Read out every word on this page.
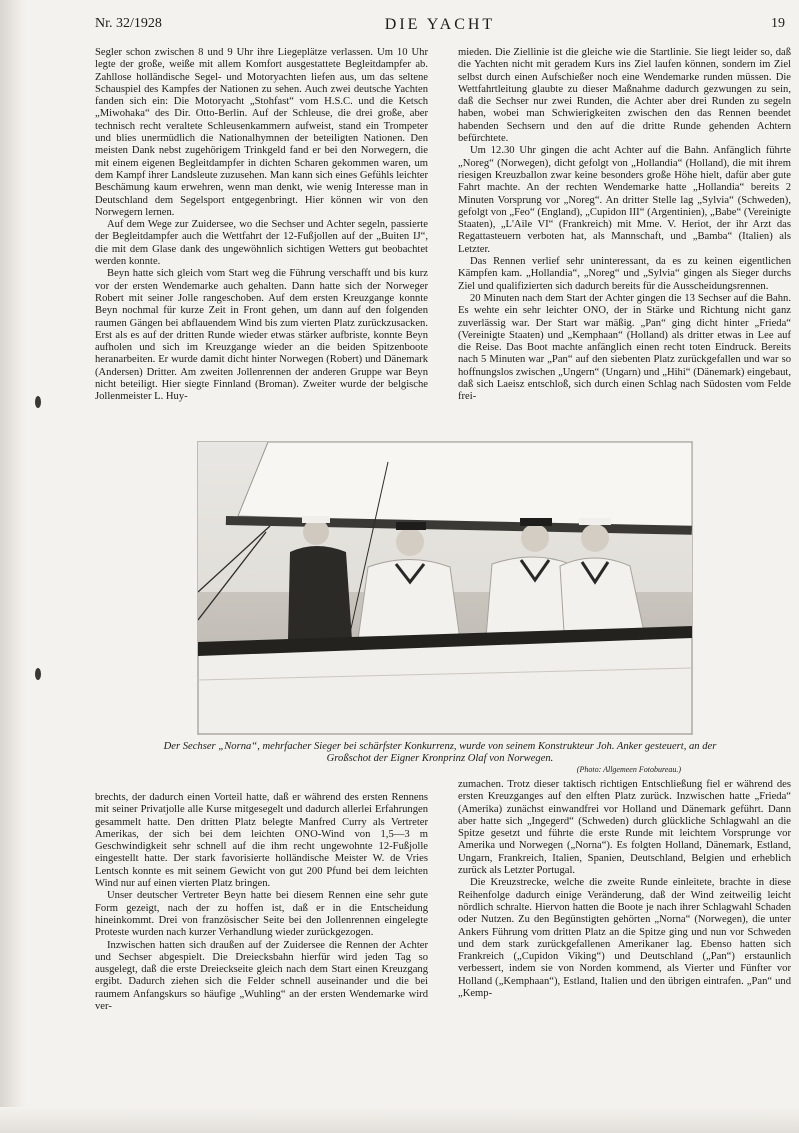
DIE YACHT
Nr. 32/1928	19

Segler schon zwischen 8 und 9 Uhr ihre Liegeplätze verlassen. Um 10 Uhr legte der große, weiße mit allem Komfort ausgestattete Begleitdampfer ab. Zahllose holländische Segel- und Motoryachten liefen aus, um das seltene Schauspiel des Kampfes der Nationen zu sehen. Auch zwei deutsche Yachten fanden sich ein: Die Motoryacht „Stohfast“ vom H.S.C. und die Ketsch „Miwohaka“ des Dir. Otto-Berlin. Auf der Schleuse, die drei große, aber technisch recht veraltete Schleusenkammern aufweist, stand ein Trompeter und blies unermüdlich die Nationalhymnen der beteiligten Nationen. Den meisten Dank nebst zugehörigem Trinkgeld fand er bei den Norwegern, die mit einem eigenen Begleitdampfer in dichten Scharen gekommen waren, um dem Kampf ihrer Landsleute zuzusehen. Man kann sich eines Gefühls leichter Beschämung kaum erwehren, wenn man denkt, wie wenig Interesse man in Deutschland dem Segelsport entgegenbringt. Hier können wir von den Norwegern lernen.

Auf dem Wege zur Zuidersee, wo die Sechser und Achter segeln, passierte der Begleitdampfer auch die Wettfahrt der 12-Fußjollen auf der „Buiten IJ“, die mit dem Glase dank des ungewöhnlich sichtigen Wetters gut beobachtet werden konnte.

Beyn hatte sich gleich vom Start weg die Führung verschafft und bis kurz vor der ersten Wendemarke auch gehalten. Dann hatte sich der Norweger Robert mit seiner Jolle rangeschoben. Auf dem ersten Kreuzgange konnte Beyn nochmal für kurze Zeit in Front gehen, um dann auf den folgenden raumen Gängen bei abflauendem Wind bis zum vierten Platz zurückzusacken. Erst als es auf der dritten Runde wieder etwas stärker aufbriste, konnte Beyn aufholen und sich im Kreuzgange wieder an die beiden Spitzenboote heranarbeiten. Er wurde damit dicht hinter Norwegen (Robert) und Dänemark (Andersen) Dritter. Am zweiten Jollenrennen der anderen Gruppe war Beyn nicht beteiligt. Hier siegte Finnland (Broman). Zweiter wurde der belgische Jollenmeister L. Huy-

mieden. Die Ziellinie ist die gleiche wie die Startlinie. Sie liegt leider so, daß die Yachten nicht mit geradem Kurs ins Ziel laufen können, sondern im Ziel selbst durch einen Aufschießer noch eine Wendemarke runden müssen. Die Wettfahrtleitung glaubte zu dieser Maßnahme dadurch gezwungen zu sein, daß die Sechser nur zwei Runden, die Achter aber drei Runden zu segeln haben, wobei man Schwierigkeiten zwischen den das Rennen beendet habenden Sechsern und den auf die dritte Runde gehenden Achtern befürchtete.

Um 12.30 Uhr gingen die acht Achter auf die Bahn. Anfänglich führte „Noreg“ (Norwegen), dicht gefolgt von „Hollandia“ (Holland), die mit ihrem riesigen Kreuzballon zwar keine besonders große Höhe hielt, dafür aber gute Fahrt machte. An der rechten Wendemarke hatte „Hollandia“ bereits 2 Minuten Vorsprung vor „Noreg“. An dritter Stelle lag „Sylvia“ (Schweden), gefolgt von „Feo“ (England), „Cupidon III“ (Argentinien), „Babe“ (Vereinigte Staaten), „L'Aile VI“ (Frankreich) mit Mme. V. Heriot, der ihr Arzt das Regattasteuern verboten hat, als Mannschaft, und „Bamba“ (Italien) als Letzter.

Das Rennen verlief sehr uninteressant, da es zu keinen eigentlichen Kämpfen kam. „Hollandia“, „Noreg“ und „Sylvia“ gingen als Sieger durchs Ziel und qualifizierten sich dadurch bereits für die Ausscheidungsrennen.

20 Minuten nach dem Start der Achter gingen die 13 Sechser auf die Bahn. Es wehte ein sehr leichter ONO, der in Stärke und Richtung nicht ganz zuverlässig war. Der Start war mäßig. „Pan“ ging dicht hinter „Frieda“ (Vereinigte Staaten) und „Kemphaan“ (Holland) als dritter etwas in Lee auf die Reise. Das Boot machte anfänglich einen recht toten Eindruck. Bereits nach 5 Minuten war „Pan“ auf den siebenten Platz zurückgefallen und war so hoffnungslos zwischen „Ungern“ (Ungarn) und „Hihi“ (Dänemark) eingebaut, daß sich Laeisz entschloß, sich durch einen Schlag nach Südosten vom Felde frei-

Der Sechser „Norna“, mehrfacher Sieger bei schärfster Konkurrenz, wurde von seinem Konstrukteur Joh. Anker gesteuert, an der Großschot der Eigner Kronprinz Olaf von Norwegen.
(Photo: Allgemeen Fotobureau.)

brechts, der dadurch einen Vorteil hatte, daß er während des ersten Rennens mit seiner Privatjolle alle Kurse mitgesegelt und dadurch allerlei Erfahrungen gesammelt hatte. Den dritten Platz belegte Manfred Curry als Vertreter Amerikas, der sich bei dem leichten ONO-Wind von 1,5—3 m Geschwindigkeit sehr schnell auf die ihm recht ungewohnte 12-Fußjolle eingestellt hatte. Der stark favorisierte holländische Meister W. de Vries Lentsch konnte es mit seinem Gewicht von gut 200 Pfund bei dem leichten Wind nur auf einen vierten Platz bringen.

Unser deutscher Vertreter Beyn hatte bei diesem Rennen eine sehr gute Form gezeigt, nach der zu hoffen ist, daß er in die Entscheidung hineinkommt. Drei von französischer Seite bei den Jollenrennen eingelegte Proteste wurden nach kurzer Verhandlung wieder zurückgezogen.

Inzwischen hatten sich draußen auf der Zuidersee die Rennen der Achter und Sechser abgespielt. Die Dreiecksbahn hierfür wird jeden Tag so ausgelegt, daß die erste Dreieckseite gleich nach dem Start einen Kreuzgang ergibt. Dadurch ziehen sich die Felder schnell auseinander und die bei raumem Anfangskurs so häufige „Wuhling“ an der ersten Wendemarke wird ver-

zumachen. Trotz dieser taktisch richtigen Entschließung fiel er während des ersten Kreuzganges auf den elften Platz zurück. Inzwischen hatte „Frieda“ (Amerika) zunächst einwandfrei vor Holland und Dänemark geführt. Dann aber hatte sich „Ingegerd“ (Schweden) durch glückliche Schlagwahl an die Spitze gesetzt und führte die erste Runde mit leichtem Vorsprunge vor Amerika und Norwegen („Norna“). Es folgten Holland, Dänemark, Estland, Ungarn, Frankreich, Italien, Spanien, Deutschland, Belgien und erheblich zurück als Letzter Portugal.

Die Kreuzstrecke, welche die zweite Runde einleitete, brachte in diese Reihenfolge dadurch einige Veränderung, daß der Wind zeitweilig leicht nördlich schralte. Hiervon hatten die Boote je nach ihrer Schlagwahl Schaden oder Nutzen. Zu den Begünstigten gehörten „Norna“ (Norwegen), die unter Ankers Führung vom dritten Platz an die Spitze ging und nun vor Schweden und dem stark zurückgefallenen Amerikaner lag. Ebenso hatten sich Frankreich („Cupidon Viking“) und Deutschland („Pan“) erstaunlich verbessert, indem sie von Norden kommend, als Vierter und Fünfter vor Holland („Kemphaan“), Estland, Italien und den übrigen eintrafen. „Pan“ und „Kemp-
